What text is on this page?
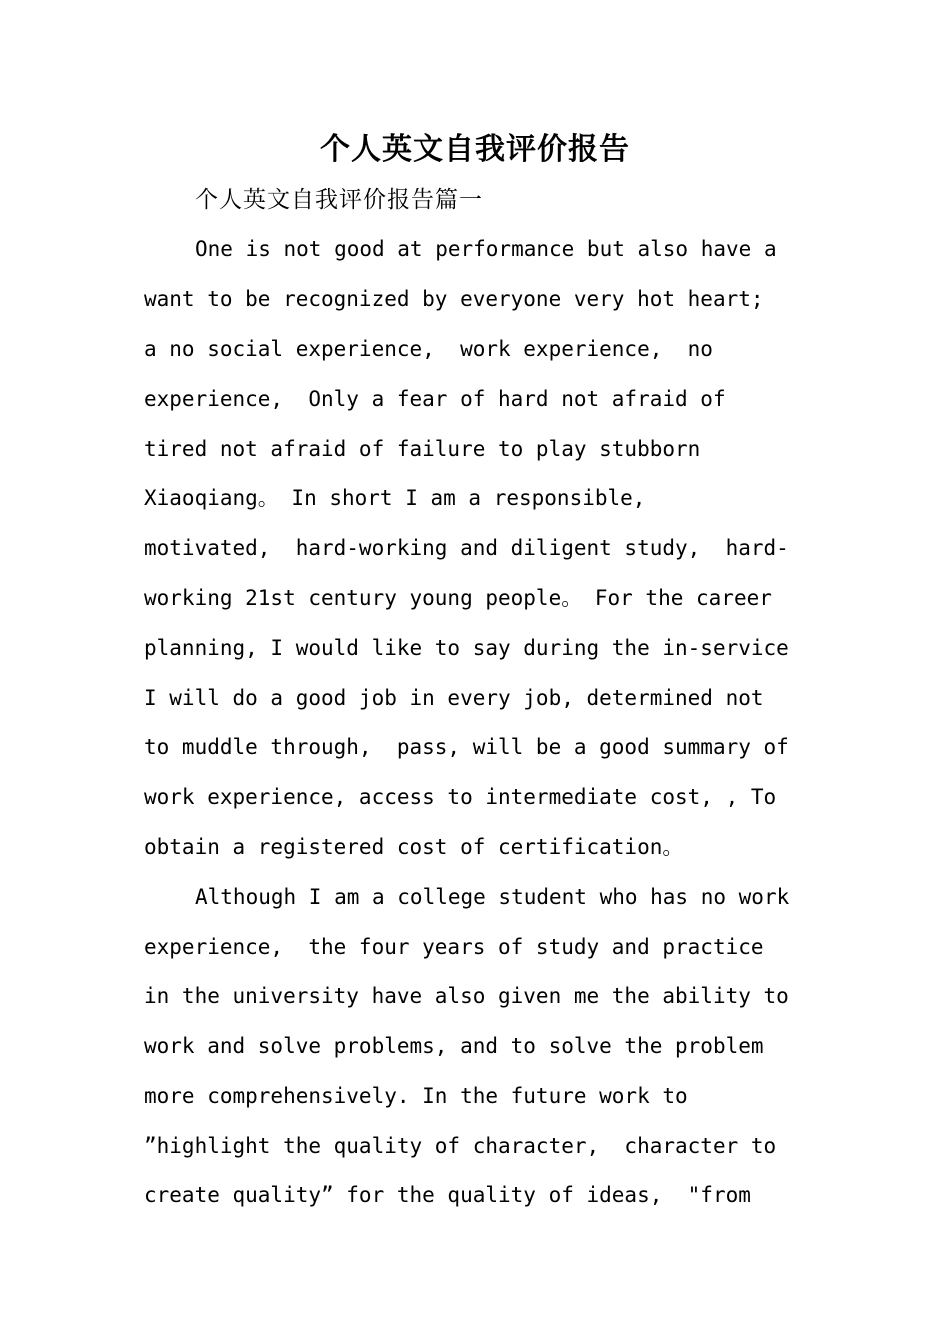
个人英文自我评价报告
个人英文自我评价报告篇一
One is not good at performance but also have a
want to be recognized by everyone very hot heart;
a no social experience,  work experience,  no
experience,  Only a fear of hard not afraid of
tired not afraid of failure to play stubborn
Xiaoqiang。 In short I am a responsible,
motivated,  hard-working and diligent study,  hard-
working 21st century young people。 For the career
planning, I would like to say during the in-service
I will do a good job in every job, determined not
to muddle through,  pass, will be a good summary of
work experience, access to intermediate cost, , To
obtain a registered cost of certification。
Although I am a college student who has no work
experience,  the four years of study and practice
in the university have also given me the ability to
work and solve problems, and to solve the problem
more comprehensively. In the future work to
”highlight the quality of character,  character to
create quality” for the quality of ideas,  "from
